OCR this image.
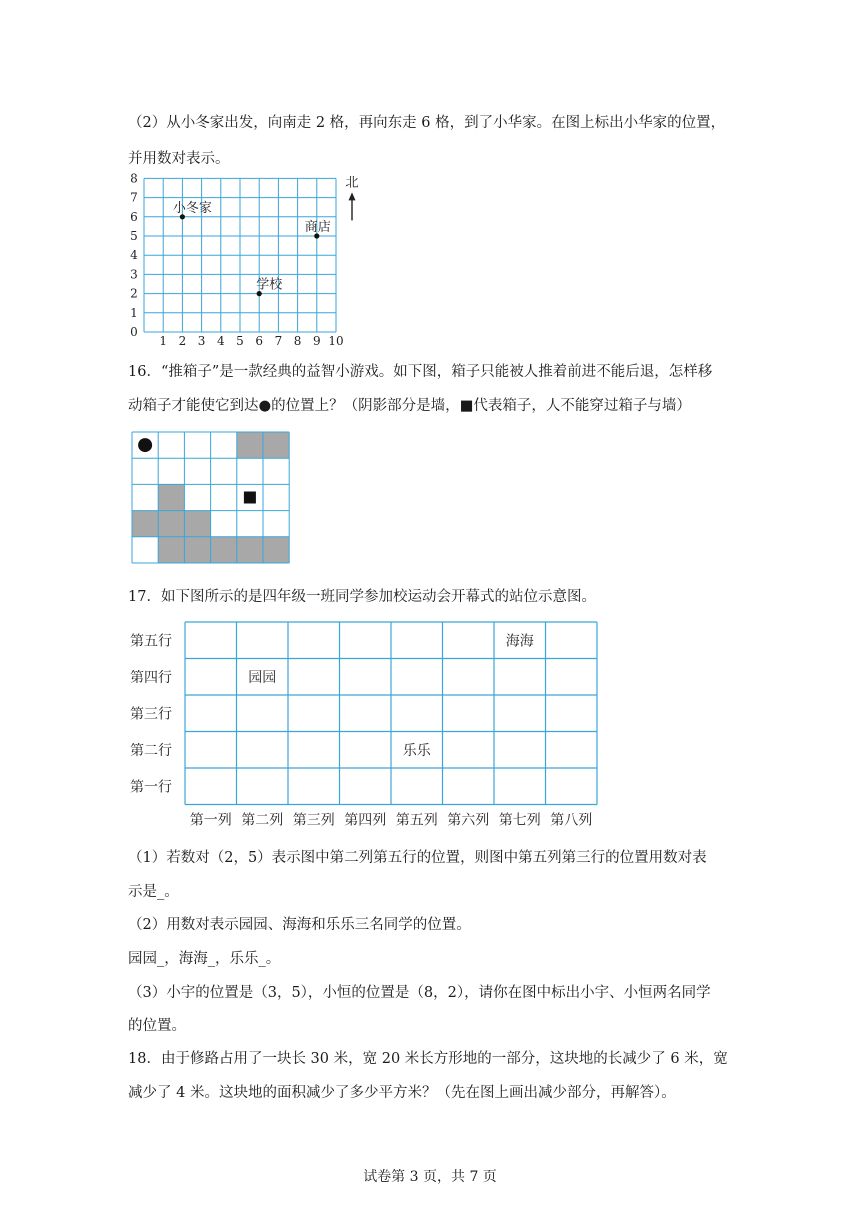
（2）从小冬家出发，向南走 2 格，再向东走 6 格，到了小华家。在图上标出小华家的位置，
并用数对表示。
1 2 3 4 5 6 7 8 9 10
0
1
2
3
4
5
6
7
8
小冬家
商店
学校
北
16．“推箱子”是一款经典的益智小游戏。如下图，箱子只能被人推着前进不能后退，怎样移
动箱子才能使它到达●的位置上？（阴影部分是墙，■代表箱子，人不能穿过箱子与墙）
17．如下图所示的是四年级一班同学参加校运动会开幕式的站位示意图。
第五行
第四行
第三行
第二行
第一行
第一列 第二列 第三列 第四列 第五列 第六列 第七列 第八列
海海
园园
乐乐
（1）若数对（2，5）表示图中第二列第五行的位置，则图中第五列第三行的位置用数对表
示是_。
（2）用数对表示园园、海海和乐乐三名同学的位置。
园园_，海海_，乐乐_。
（3）小宇的位置是（3，5），小恒的位置是（8，2），请你在图中标出小宇、小恒两名同学
的位置。
18．由于修路占用了一块长 30 米，宽 20 米长方形地的一部分，这块地的长减少了 6 米，宽
减少了 4 米。这块地的面积减少了多少平方米？（先在图上画出减少部分，再解答）。
试卷第 3 页，共 7 页
